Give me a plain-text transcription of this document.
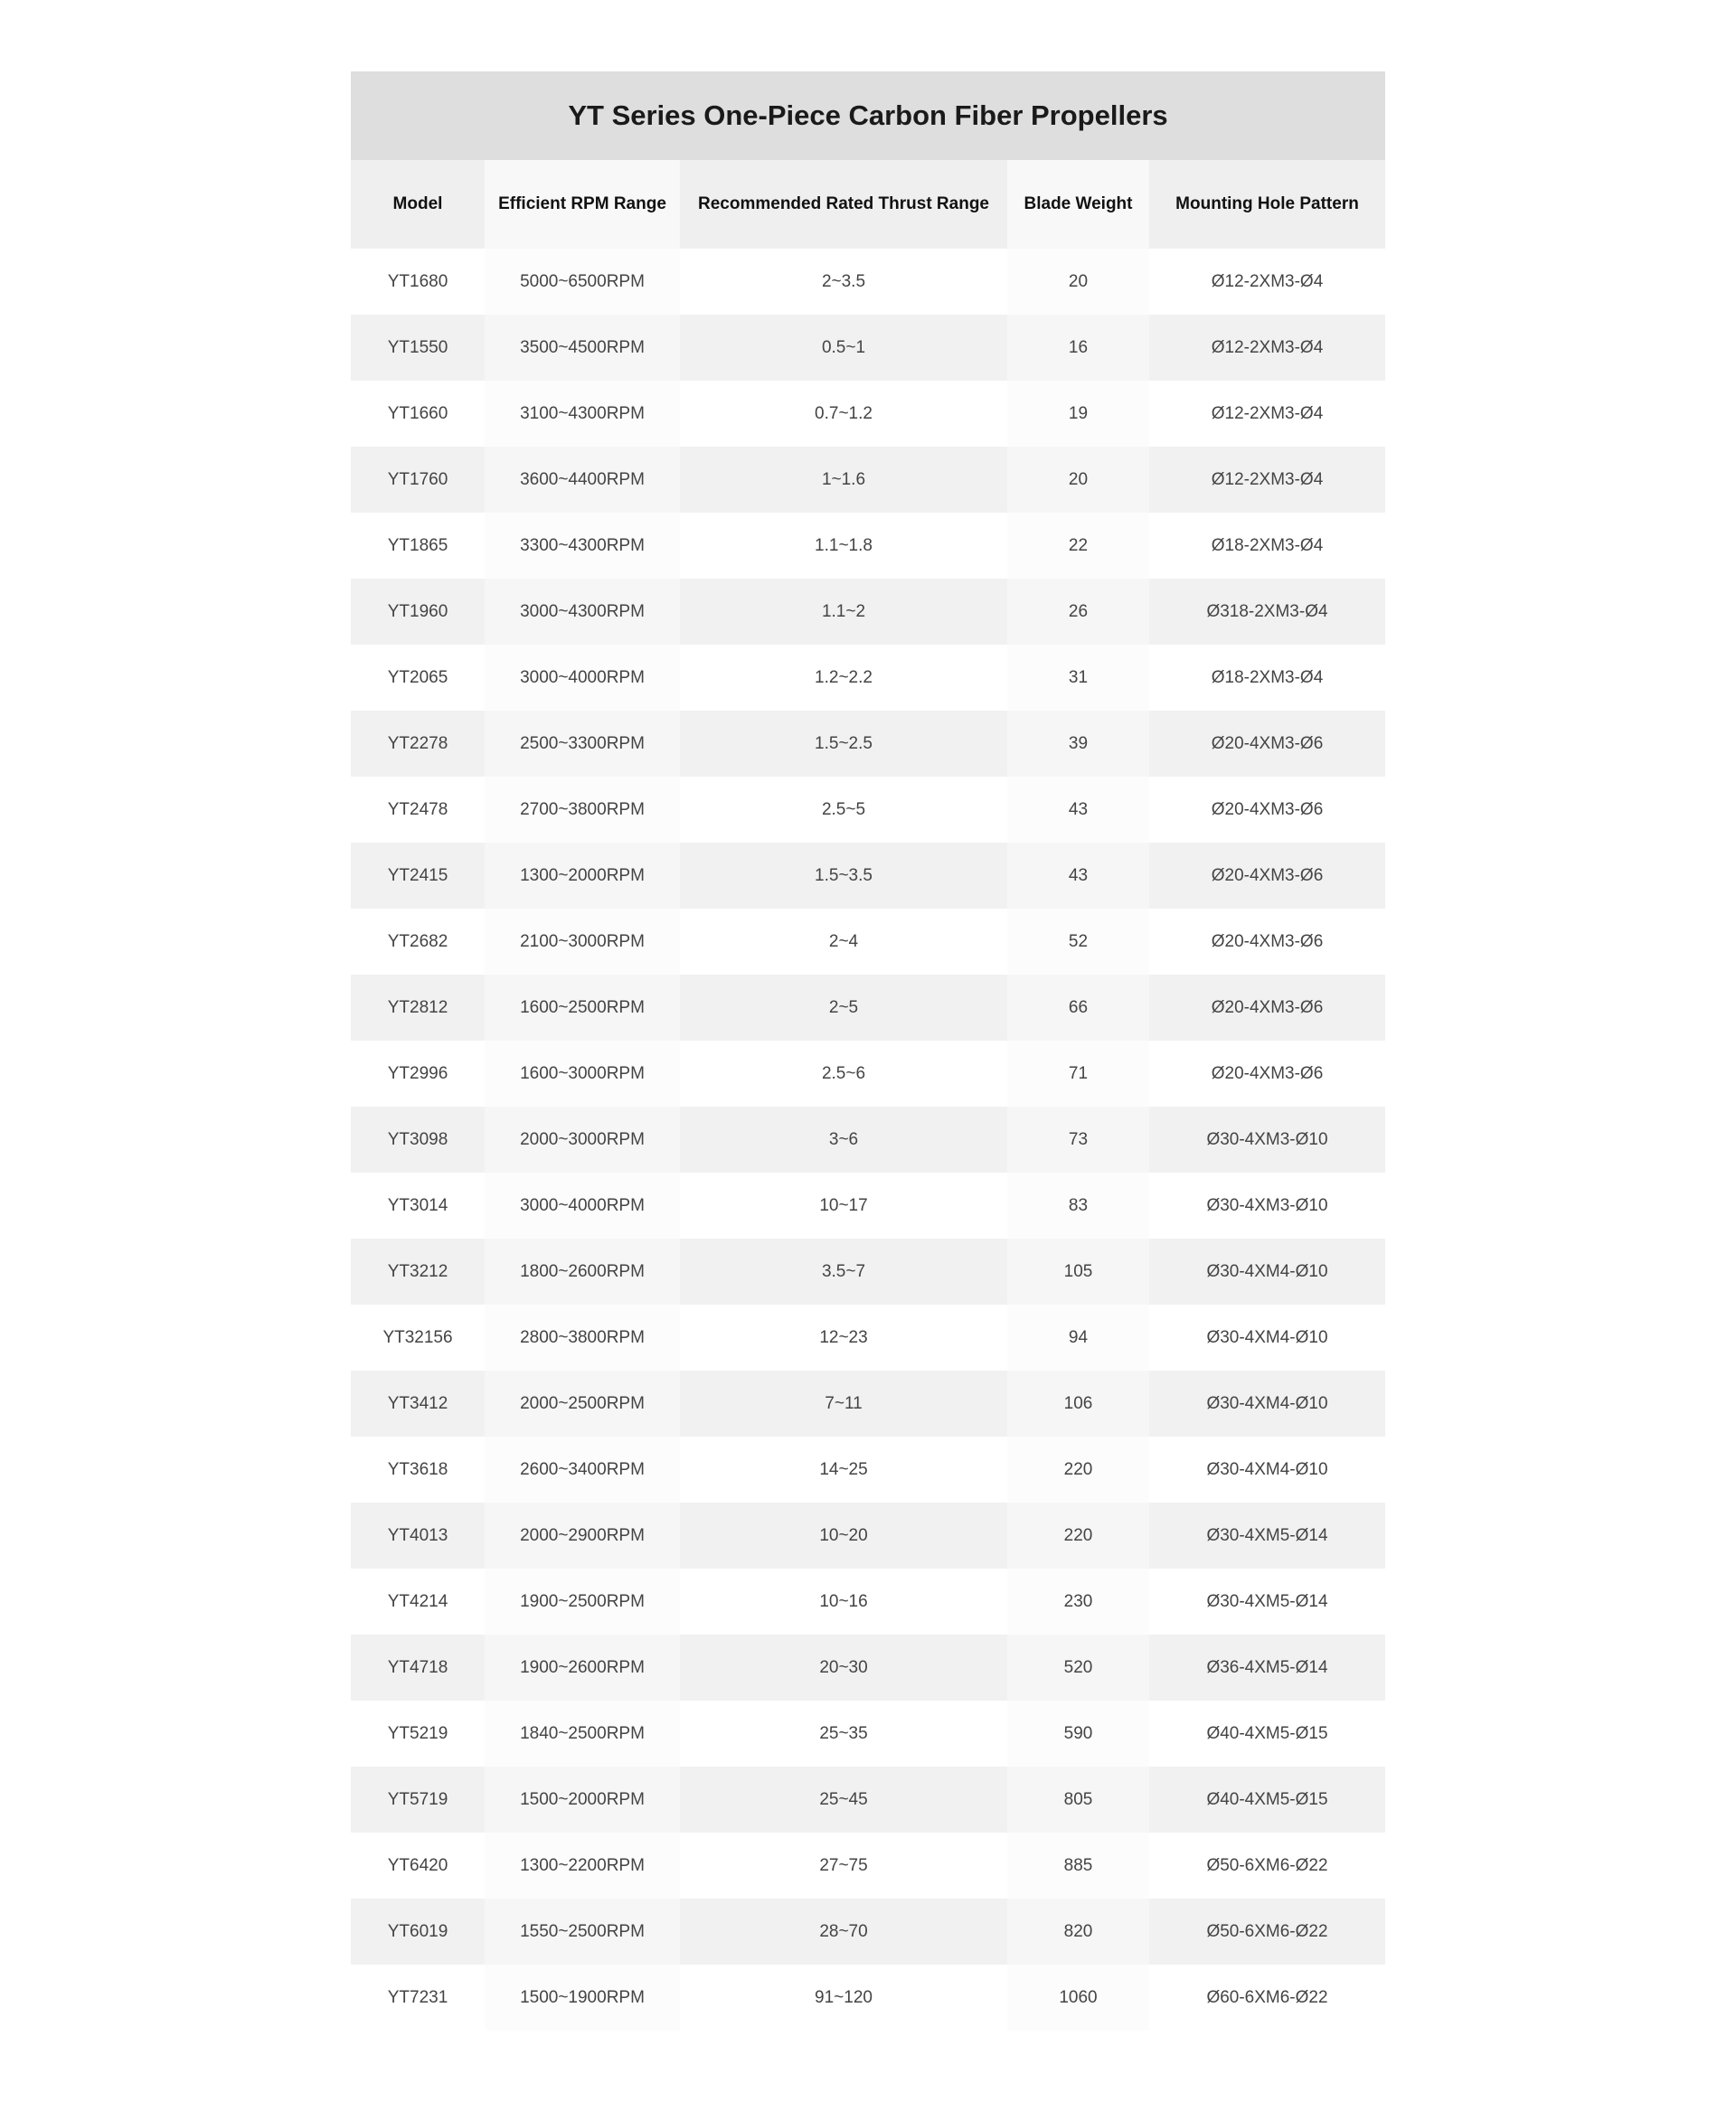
YT Series One-Piece Carbon Fiber Propellers
Model	Efficient RPM Range	Recommended Rated Thrust Range	Blade Weight	Mounting Hole Pattern
YT1680	5000~6500RPM	2~3.5	20	Ø12-2XM3-Ø4
YT1550	3500~4500RPM	0.5~1	16	Ø12-2XM3-Ø4
YT1660	3100~4300RPM	0.7~1.2	19	Ø12-2XM3-Ø4
YT1760	3600~4400RPM	1~1.6	20	Ø12-2XM3-Ø4
YT1865	3300~4300RPM	1.1~1.8	22	Ø18-2XM3-Ø4
YT1960	3000~4300RPM	1.1~2	26	Ø318-2XM3-Ø4
YT2065	3000~4000RPM	1.2~2.2	31	Ø18-2XM3-Ø4
YT2278	2500~3300RPM	1.5~2.5	39	Ø20-4XM3-Ø6
YT2478	2700~3800RPM	2.5~5	43	Ø20-4XM3-Ø6
YT2415	1300~2000RPM	1.5~3.5	43	Ø20-4XM3-Ø6
YT2682	2100~3000RPM	2~4	52	Ø20-4XM3-Ø6
YT2812	1600~2500RPM	2~5	66	Ø20-4XM3-Ø6
YT2996	1600~3000RPM	2.5~6	71	Ø20-4XM3-Ø6
YT3098	2000~3000RPM	3~6	73	Ø30-4XM3-Ø10
YT3014	3000~4000RPM	10~17	83	Ø30-4XM3-Ø10
YT3212	1800~2600RPM	3.5~7	105	Ø30-4XM4-Ø10
YT32156	2800~3800RPM	12~23	94	Ø30-4XM4-Ø10
YT3412	2000~2500RPM	7~11	106	Ø30-4XM4-Ø10
YT3618	2600~3400RPM	14~25	220	Ø30-4XM4-Ø10
YT4013	2000~2900RPM	10~20	220	Ø30-4XM5-Ø14
YT4214	1900~2500RPM	10~16	230	Ø30-4XM5-Ø14
YT4718	1900~2600RPM	20~30	520	Ø36-4XM5-Ø14
YT5219	1840~2500RPM	25~35	590	Ø40-4XM5-Ø15
YT5719	1500~2000RPM	25~45	805	Ø40-4XM5-Ø15
YT6420	1300~2200RPM	27~75	885	Ø50-6XM6-Ø22
YT6019	1550~2500RPM	28~70	820	Ø50-6XM6-Ø22
YT7231	1500~1900RPM	91~120	1060	Ø60-6XM6-Ø22
